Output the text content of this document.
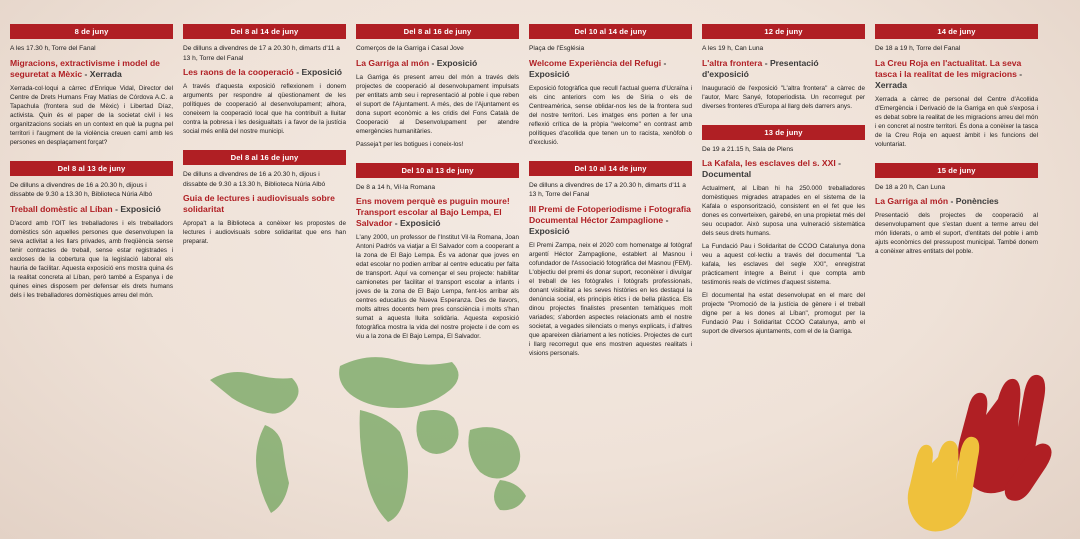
8 de juny

A les 17.30 h, Torre del Fanal

Migracions, extractivisme i model de seguretat a Mèxic - Xerrada

Xerrada-col·loqui a càrrec d'Enrique Vidal, Director del Centre de Drets Humans Fray Matías de Córdova A.C. a Tapachula (frontera sud de Mèxic) i Libertad Díaz, activista. Quin és el paper de la societat civil i les organitzacions socials en un context en què la pugna pel territori i l'augment de la violència creuen camí amb les persones en desplaçament forçat?

Del 8 al 13 de juny

De dilluns a divendres de 16 a 20.30 h, dijous i dissabte de 9.30 a 13.30 h, Biblioteca Núria Albó

Treball domèstic al Líban - Exposició

D'acord amb l'OIT les treballadores i els treballadors domèstics són aquelles persones que desenvolupen la seva activitat a les llars privades, amb freqüència sense tenir contractes de treball, sense estar registrades i excloses de la cobertura que la legislació laboral els hauria de facilitar. Aquesta exposició ens mostra quina és la realitat concreta al Líban, però també a Espanya i de quines eines disposem per defensar els drets humans dels i les treballadores domèstiques arreu del món.

Del 8 al 14 de juny

De dilluns a divendres de 17 a 20.30 h, dimarts d'11 a 13 h, Torre del Fanal

Les raons de la cooperació - Exposició

A través d'aquesta exposició reflexionem i donem arguments per respondre al qüestionament de les polítiques de cooperació al desenvolupament; alhora, coneixem la cooperació local que ha contribuït a lluitar contra la pobresa i les desigualtats i a favor de la justícia social més enllà del nostre municipi.

Del 8 al 16 de juny

De dilluns a divendres de 16 a 20.30 h, dijous i dissabte de 9.30 a 13.30 h, Biblioteca Núria Albó

Guia de lectures i audiovisuals sobre solidaritat

Apropa't a la Biblioteca a conèixer les propostes de lectures i audiovisuals sobre solidaritat que ens han preparat.

Del 8 al 16 de juny

Comerços de la Garriga i Casal Jove

La Garriga al món - Exposició

La Garriga és present arreu del món a través dels projectes de cooperació al desenvolupament impulsats per entitats amb seu i representació al poble i que reben el suport de l'Ajuntament. A més, des de l'Ajuntament es dona suport econòmic a les cridis del Fons Català de Cooperació al Desenvolupament per atendre emergències humanitàries.

Passeja't per les botigues i coneix-los!

Del 10 al 13 de juny

De 8 a 14 h, Vil·la Romana

Ens movem perquè es puguin moure! Transport escolar al Bajo Lempa, El Salvador - Exposició

L'any 2000, un professor de l'Institut Vil·la Romana, Joan Antoni Padrós va viatjar a El Salvador com a cooperant a la zona de El Bajo Lempa. És va adonar que joves en edat escolar no podien arribar al centre educatiu per falta de transport. Aquí va començar el seu projecte: habilitar camionetes per facilitar el transport escolar a infants i joves de la zona de El Bajo Lempa, fent-los arribar als centres educatius de Nueva Esperanza. Des de llavors, molts altres docents hem pres consciència i molts s'han sumat a aquesta lluita solidària. Aquesta exposició fotogràfica mostra la vida del nostre projecte i de com es viu a la zona de El Bajo Lempa, El Salvador.

Del 10 al 14 de juny

Plaça de l'Església

Welcome Experiència del Refugi - Exposició

Exposició fotogràfica que recull l'actual guerra d'Ucraïna i els cinc anteriors com les de Síria o els de Centreamèrica, sense oblidar-nos les de la frontera sud del nostre territori. Les imatges ens porten a fer una reflexió crítica de la pròpia "welcome" en contrast amb polítiques d'acollida que tenen un to racista, xenòfob o d'exclusió.

Del 10 al 14 de juny

De dilluns a divendres de 17 a 20.30 h, dimarts d'11 a 13 h, Torre del Fanal

III Premi de Fotoperiodisme i Fotografia Documental Héctor Zampaglione - Exposició

El Premi Zampa, neix el 2020 com homenatge al fotògraf argentí Héctor Zampaglione, establert al Masnou i cofundador de l'Associació fotogràfica del Masnou (FEM). L'objectiu del premi és donar suport, reconèixer i divulgar el treball de les fotògrafes i fotògrafs professionals, donant visibilitat a les seves històries en les destaqui la denúncia social, els principis ètics i de bella plàstica. Els dinou projectes finalistes presenten temàtiques molt variades; s'aborden aspectes relacionats amb el nostre societat, a vegades silenciats o menys explicats, i d'altres que apareixen diàriament a les notícies. Projectes de curt i llarg recorregut que ens mostren aquestes realitats i visions personals.

12 de juny

A les 19 h, Can Luna

L'altra frontera - Presentació d'exposició

Inauguració de l'exposició "L'altra frontera" a càrrec de l'autor, Marc Sanyé, fotoperiodista. Un recorregut per diverses fronteres d'Europa al llarg dels darrers anys.

13 de juny

De 19 a 21.15 h, Sala de Plens

La Kafala, les esclaves del s. XXI - Documental

Actualment, al Líban hi ha 250.000 treballadores domèstiques migrades atrapades en el sistema de la Kafala o esponsorització, consistent en el fet que les dones es converteixen, gairebé, en una propietat més del seu ocupador. Això suposa una vulneració sistemàtica dels seus drets humans.

La Fundació Pau i Solidaritat de CCOO Catalunya dona veu a aquest col·lectiu a través del documental "La kafala, les esclaves del segle XXI", enregistrat pràcticament íntegre a Beirut i que compta amb testimonis reals de víctimes d'aquest sistema.

El documental ha estat desenvolupat en el marc del projecte "Promoció de la justícia de gènere i el treball digne per a les dones al Líban", promogut per la Fundació Pau i Solidaritat CCOO Catalunya, amb el suport de diversos ajuntaments, com el de la Garriga.

14 de juny

De 18 a 19 h, Torre del Fanal

La Creu Roja en l'actualitat. La seva tasca i la realitat de les migracions - Xerrada

Xerrada a càrrec de personal del Centre d'Acollida d'Emergència i Derivació de la Garriga en què s'exposa i es debat sobre la realitat de les migracions arreu del món i en concret al nostre territori. És dona a conèixer la tasca de la Creu Roja en aquest àmbit i les funcions del voluntariat.

15 de juny

De 18 a 20 h, Can Luna

La Garriga al món - Ponències

Presentació dels projectes de cooperació al desenvolupament que s'estan duent a terme arreu del món liderats, o amb el suport, d'entitats del poble i amb ajuts econòmics del pressupost municipal. També donem a conèixer altres entitats del poble.
